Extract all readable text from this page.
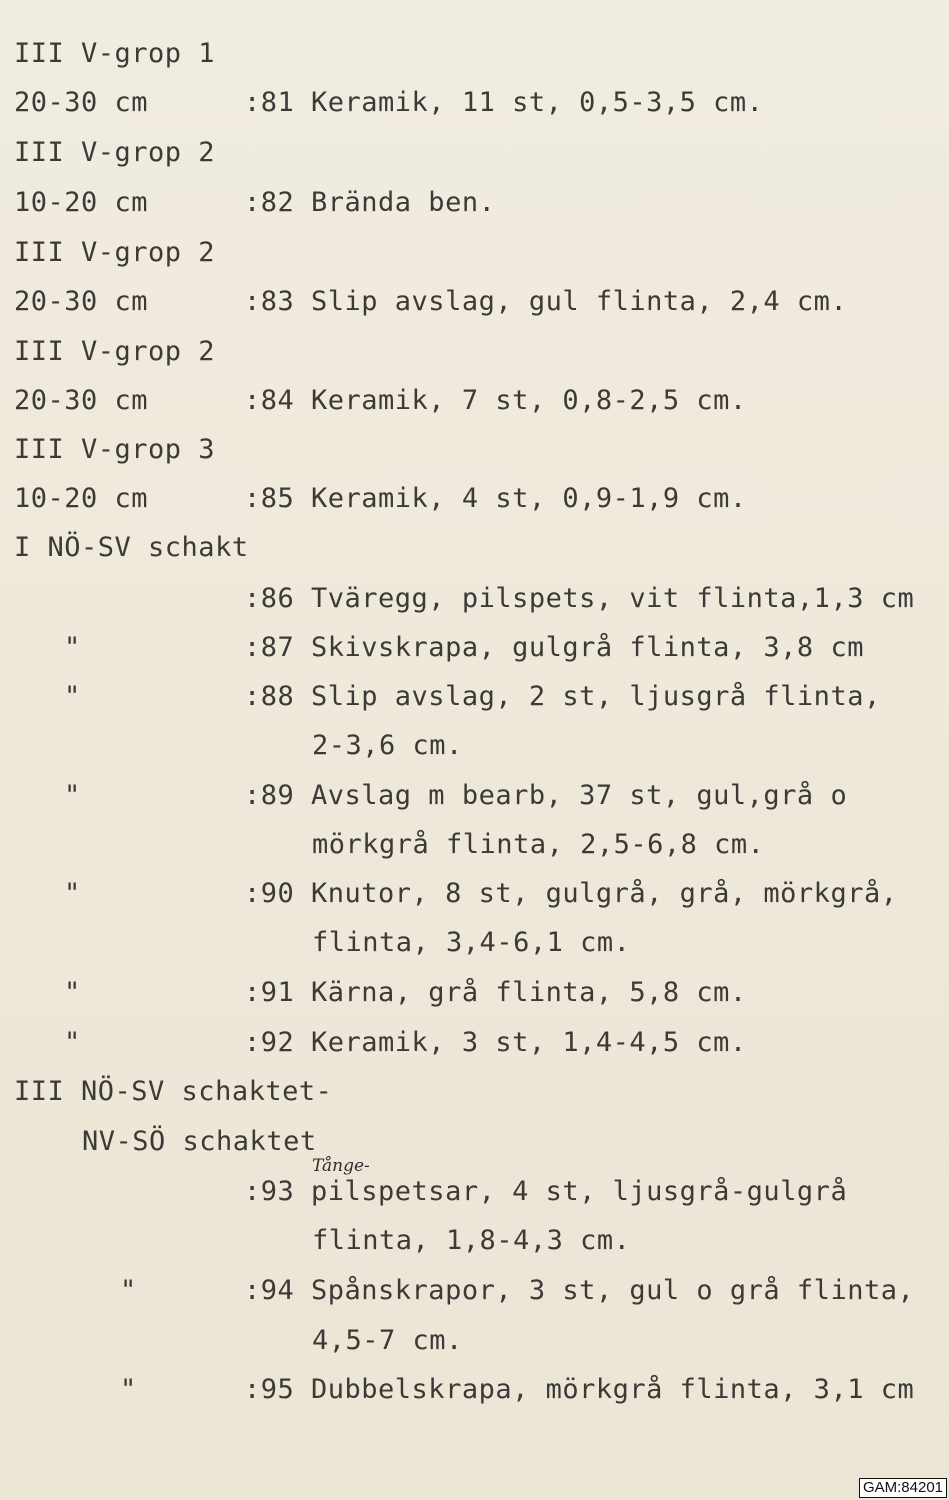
III V-grop 1
20-30 cm	:81 Keramik, 11 st, 0,5-3,5 cm.
III V-grop 2
10-20 cm	:82 Brända ben.
III V-grop 2
20-30 cm	:83 Slip avslag, gul flinta, 2,4 cm.
III V-grop 2
20-30 cm	:84 Keramik, 7 st, 0,8-2,5 cm.
III V-grop 3
10-20 cm	:85 Keramik, 4 st, 0,9-1,9 cm.
I NÖ-SV schakt
:86 Tväregg, pilspets, vit flinta,1,3 cm
"	:87 Skivskrapa, gulgrå flinta, 3,8 cm
"	:88 Slip avslag, 2 st, ljusgrå flinta,
2-3,6 cm.
"	:89 Avslag m bearb, 37 st, gul,grå o
mörkgrå flinta, 2,5-6,8 cm.
"	:90 Knutor, 8 st, gulgrå, grå, mörkgrå,
flinta, 3,4-6,1 cm.
"	:91 Kärna, grå flinta, 5,8 cm.
"	:92 Keramik, 3 st, 1,4-4,5 cm.
III NÖ-SV schaktet-
NV-SÖ schaktet
Tånge-
:93 pilspetsar, 4 st, ljusgrå-gulgrå
flinta, 1,8-4,3 cm.
"	:94 Spånskrapor, 3 st, gul o grå flinta,
4,5-7 cm.
"	:95 Dubbelskrapa, mörkgrå flinta, 3,1 cm
GAM:84201
